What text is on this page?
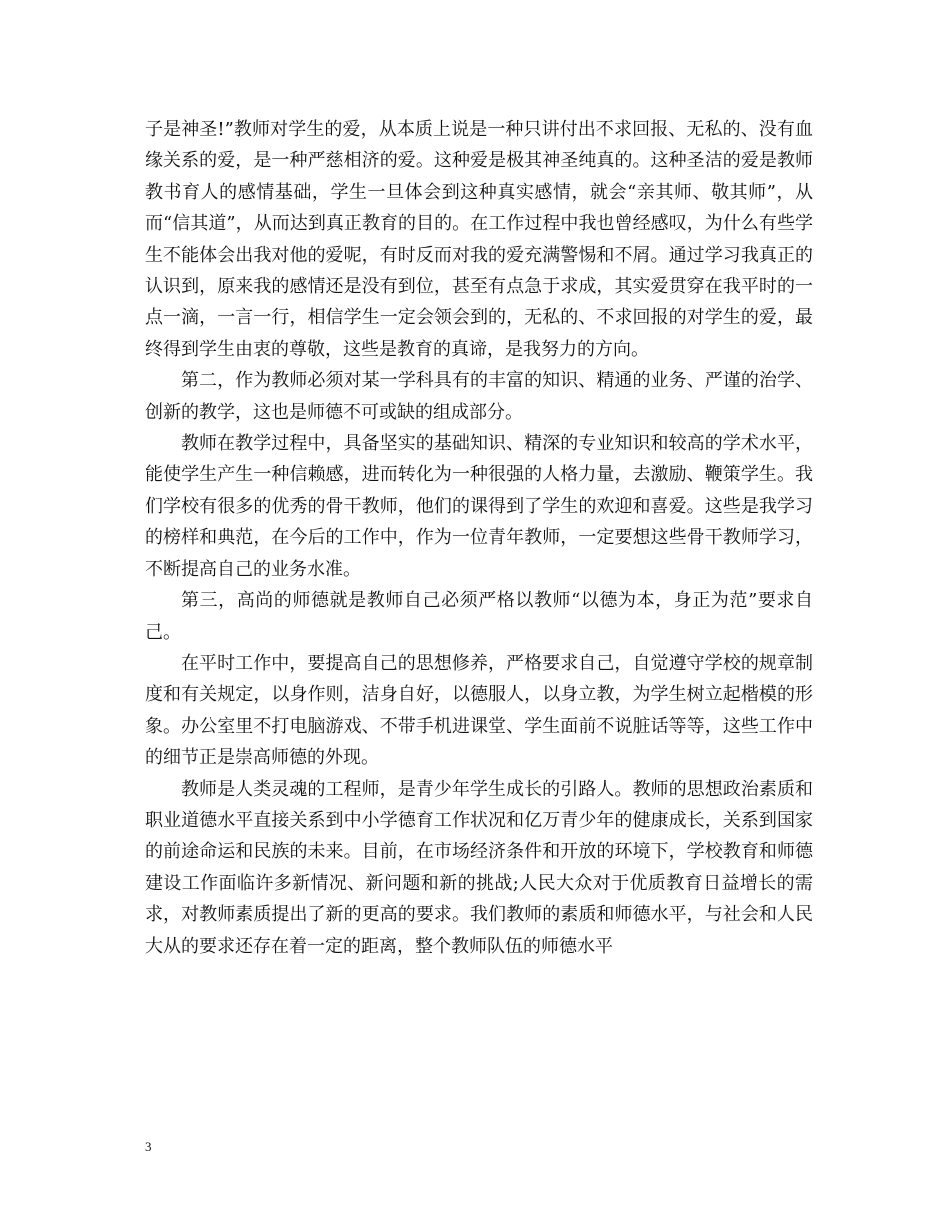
子是神圣!”教师对学生的爱，从本质上说是一种只讲付出不求回报、无私的、没有血缘关系的爱，是一种严慈相济的爱。这种爱是极其神圣纯真的。这种圣洁的爱是教师教书育人的感情基础，学生一旦体会到这种真实感情，就会“亲其师、敬其师”，从而“信其道”，从而达到真正教育的目的。在工作过程中我也曾经感叹，为什么有些学生不能体会出我对他的爱呢，有时反而对我的爱充满警惕和不屑。通过学习我真正的认识到，原来我的感情还是没有到位，甚至有点急于求成，其实爱贯穿在我平时的一点一滴，一言一行，相信学生一定会领会到的，无私的、不求回报的对学生的爱，最终得到学生由衷的尊敬，这些是教育的真谛，是我努力的方向。

第二，作为教师必须对某一学科具有的丰富的知识、精通的业务、严谨的治学、创新的教学，这也是师德不可或缺的组成部分。

教师在教学过程中，具备坚实的基础知识、精深的专业知识和较高的学术水平，能使学生产生一种信赖感，进而转化为一种很强的人格力量，去激励、鞭策学生。我们学校有很多的优秀的骨干教师，他们的课得到了学生的欢迎和喜爱。这些是我学习的榜样和典范，在今后的工作中，作为一位青年教师，一定要想这些骨干教师学习，不断提高自己的业务水准。

第三，高尚的师德就是教师自己必须严格以教师“以德为本，身正为范”要求自己。

在平时工作中，要提高自己的思想修养，严格要求自己，自觉遵守学校的规章制度和有关规定，以身作则，洁身自好，以德服人，以身立教，为学生树立起楷模的形象。办公室里不打电脑游戏、不带手机进课堂、学生面前不说脏话等等，这些工作中的细节正是崇高师德的外现。

教师是人类灵魂的工程师，是青少年学生成长的引路人。教师的思想政治素质和职业道德水平直接关系到中小学德育工作状况和亿万青少年的健康成长，关系到国家的前途命运和民族的未来。目前，在市场经济条件和开放的环境下，学校教育和师德建设工作面临许多新情况、新问题和新的挑战;人民大众对于优质教育日益增长的需求，对教师素质提出了新的更高的要求。我们教师的素质和师德水平，与社会和人民大从的要求还存在着一定的距离，整个教师队伍的师德水平

3
